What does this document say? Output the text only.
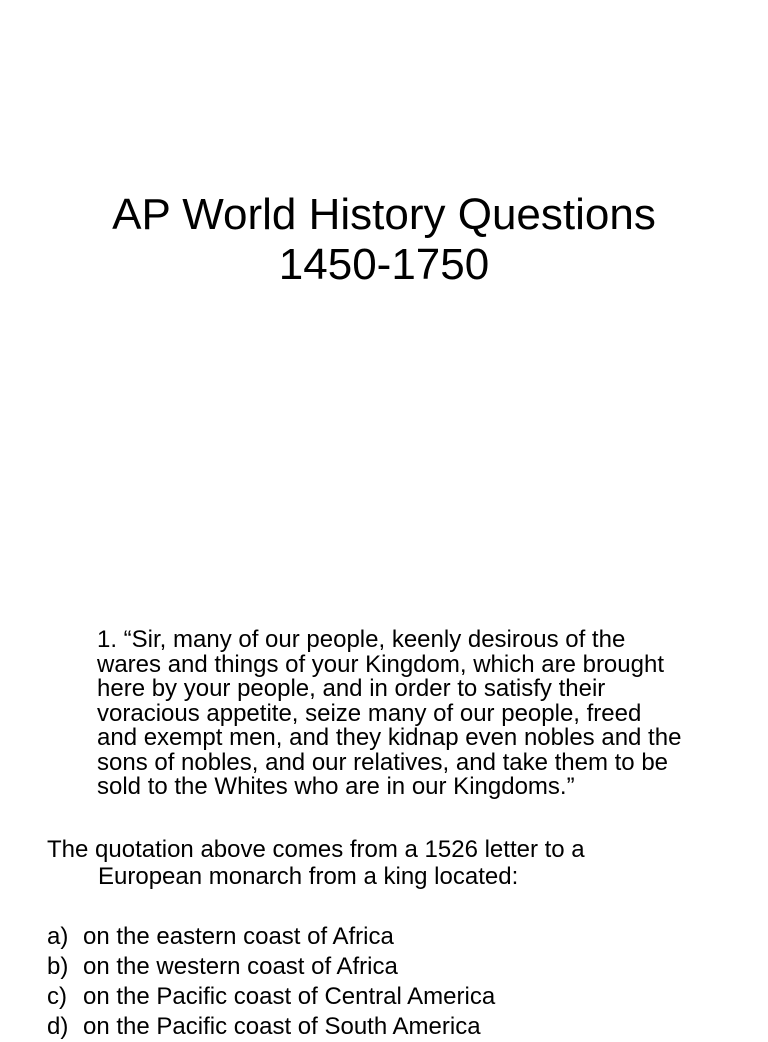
AP World History Questions
1450-1750
1. “Sir, many of our people, keenly desirous of the
wares and things of your Kingdom, which are brought
here by your people, and in order to satisfy their
voracious appetite, seize many of our people, freed
and exempt men, and they kidnap even nobles and the
sons of nobles, and our relatives, and take them to be
sold to the Whites who are in our Kingdoms.”

The quotation above comes from a 1526 letter to a
European monarch from a king located:

a) on the eastern coast of Africa
b) on the western coast of Africa
c) on the Pacific coast of Central America
d) on the Pacific coast of South America
